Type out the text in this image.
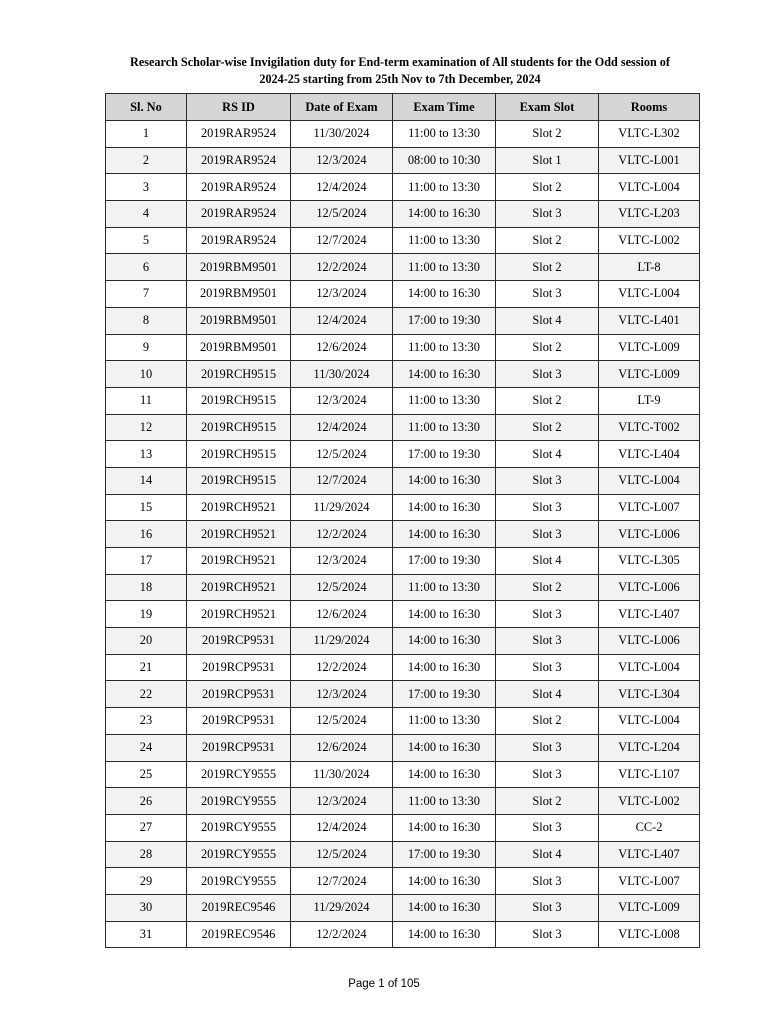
Research Scholar-wise Invigilation duty for End-term examination of All students for the Odd session of
2024-25 starting from 25th Nov to 7th December, 2024
Sl. No	RS ID	Date of Exam	Exam Time	Exam Slot	Rooms
1	2019RAR9524	11/30/2024	11:00 to 13:30	Slot 2	VLTC-L302
2	2019RAR9524	12/3/2024	08:00 to 10:30	Slot 1	VLTC-L001
3	2019RAR9524	12/4/2024	11:00 to 13:30	Slot 2	VLTC-L004
4	2019RAR9524	12/5/2024	14:00 to 16:30	Slot 3	VLTC-L203
5	2019RAR9524	12/7/2024	11:00 to 13:30	Slot 2	VLTC-L002
6	2019RBM9501	12/2/2024	11:00 to 13:30	Slot 2	LT-8
7	2019RBM9501	12/3/2024	14:00 to 16:30	Slot 3	VLTC-L004
8	2019RBM9501	12/4/2024	17:00 to 19:30	Slot 4	VLTC-L401
9	2019RBM9501	12/6/2024	11:00 to 13:30	Slot 2	VLTC-L009
10	2019RCH9515	11/30/2024	14:00 to 16:30	Slot 3	VLTC-L009
11	2019RCH9515	12/3/2024	11:00 to 13:30	Slot 2	LT-9
12	2019RCH9515	12/4/2024	11:00 to 13:30	Slot 2	VLTC-T002
13	2019RCH9515	12/5/2024	17:00 to 19:30	Slot 4	VLTC-L404
14	2019RCH9515	12/7/2024	14:00 to 16:30	Slot 3	VLTC-L004
15	2019RCH9521	11/29/2024	14:00 to 16:30	Slot 3	VLTC-L007
16	2019RCH9521	12/2/2024	14:00 to 16:30	Slot 3	VLTC-L006
17	2019RCH9521	12/3/2024	17:00 to 19:30	Slot 4	VLTC-L305
18	2019RCH9521	12/5/2024	11:00 to 13:30	Slot 2	VLTC-L006
19	2019RCH9521	12/6/2024	14:00 to 16:30	Slot 3	VLTC-L407
20	2019RCP9531	11/29/2024	14:00 to 16:30	Slot 3	VLTC-L006
21	2019RCP9531	12/2/2024	14:00 to 16:30	Slot 3	VLTC-L004
22	2019RCP9531	12/3/2024	17:00 to 19:30	Slot 4	VLTC-L304
23	2019RCP9531	12/5/2024	11:00 to 13:30	Slot 2	VLTC-L004
24	2019RCP9531	12/6/2024	14:00 to 16:30	Slot 3	VLTC-L204
25	2019RCY9555	11/30/2024	14:00 to 16:30	Slot 3	VLTC-L107
26	2019RCY9555	12/3/2024	11:00 to 13:30	Slot 2	VLTC-L002
27	2019RCY9555	12/4/2024	14:00 to 16:30	Slot 3	CC-2
28	2019RCY9555	12/5/2024	17:00 to 19:30	Slot 4	VLTC-L407
29	2019RCY9555	12/7/2024	14:00 to 16:30	Slot 3	VLTC-L007
30	2019REC9546	11/29/2024	14:00 to 16:30	Slot 3	VLTC-L009
31	2019REC9546	12/2/2024	14:00 to 16:30	Slot 3	VLTC-L008
Page 1 of 105
